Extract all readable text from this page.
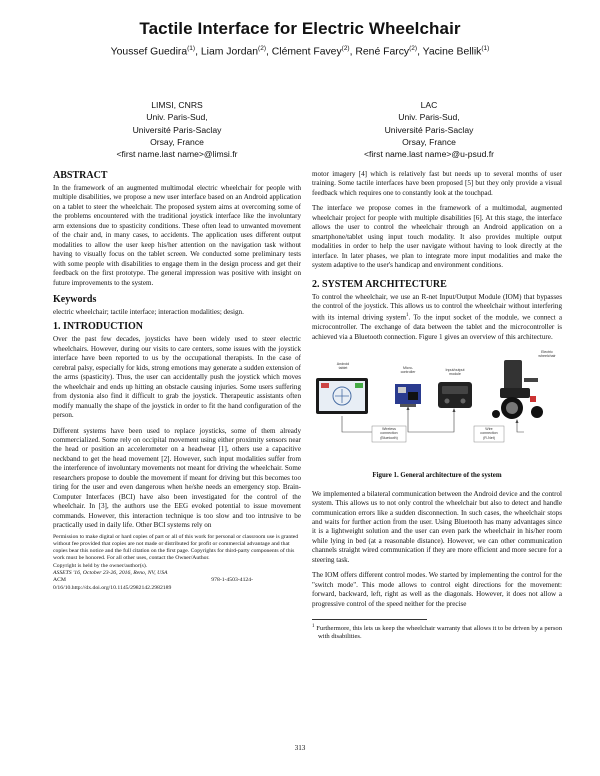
Tactile Interface for Electric Wheelchair
Youssef Guedira$^{(1)}$, Liam Jordan$^{(2)}$, Clément Favey$^{(2)}$, René Farcy$^{(2)}$, Yacine Bellik$^{(1)}$
LIMSI, CNRS
Univ. Paris-Sud,
Université Paris-Saclay
Orsay, France
<first name.last name>@limsi.fr
LAC
Univ. Paris-Sud,
Université Paris-Saclay
Orsay, France
<first name.last name>@u-psud.fr
ABSTRACT

In the framework of an augmented multimodal electric wheelchair for people with multiple disabilities, we propose a new user interface based on an Android application on a tablet to steer the wheelchair. The proposed system aims at overcoming some of the problems encountered with the traditional joystick interface like the involuntary arm extensions due to spasticity conditions. These often lead to unwanted movement of the chair and, in many cases, to accidents. The application uses different output modalities to allow the user keep his/her attention on the navigation task without having to visually focus on the tablet screen. We conducted some preliminary tests with some people with disabilities to engage them in the design process and get their feedback on the first prototype. The general impression was positive with insight on future improvements to the system.

Keywords

electric wheelchair; tactile interface; interaction modalities; design.

1. INTRODUCTION

Over the past few decades, joysticks have been widely used to steer electric wheelchairs. However, during our visits to care centers, some issues with the joystick interface have been reported to us by the occupational therapists. In the case of cerebral palsy, especially for kids, strong emotions may generate a sudden extension of the arms (spasticity). Thus, the user can accidentally push the joystick which moves the wheelchair and ends up hitting an obstacle causing injuries. Some users suffering from dystonia also find it difficult to grab the joystick. Therapeutic assistants often modify manually the shape of the joystick in order to fit the hand configuration of the person.

Different systems have been used to replace joysticks, some of them already commercialized. Some rely on occipital movement using either proximity sensors near the head or position an accelerometer on a headwear [1], others use a capacitive neckband to get the head movement [2]. However, such input modalities suffer from the interference of involuntary movements not meant for driving the wheelchair. Some researchers propose to double the movement if meant for driving but this becomes too tiring for the user and even dangerous when he/she needs an emergency stop. Brain-Computer Interfaces (BCI) have also been investigated for the control of the wheelchair. In [3], the authors use the EEG evoked potential to issue movement commands. However, this interaction technique is too slow and too intrusive to be practically used in daily life. Other BCI systems rely on

Permission to make digital or hard copies of part or all of this work for personal or classroom use is granted without fee provided that copies are not made or distributed for profit or commercial advantage and that copies bear this notice and the full citation on the first page. Copyrights for third-party components of this work must be honored. For all other uses, contact the Owner/Author.

Copyright is held by the owner/author(s).

ASSETS '16, October 23-26, 2016, Reno, NV, USA

ACM	978-1-4503-4124-

0/16/10.http://dx.doi.org/10.1145/2982142.2982189

motor imagery [4] which is relatively fast but needs up to several months of user training. Some tactile interfaces have been proposed [5] but they only provide a visual feedback which requires one to constantly look at the touchpad.

The interface we propose comes in the framework of a multimodal, augmented wheelchair project for people with multiple disabilities [6]. At this stage, the interface allows the user to control the wheelchair through an Android application on a smartphone/tablet using input touch modality. It also provides multiple output modalities in order to help the user navigate without having to look directly at the interface. In later phases, we plan to integrate more input modalities and make the system adaptive to the user's handicap and environment conditions.

2. SYSTEM ARCHITECTURE

To control the wheelchair, we use an R-net Input/Output Module (IOM) that bypasses the control of the joystick. This allows us to control the wheelchair without interfering with its internal driving system$^1$. To the input socket of the module, we connect a microcontroller. The exchange of data between the tablet and the microcontroller is achieved via a Bluetooth connection. Figure 1 gives an overview of this architecture.

Android
tablet	Micro-
controller
Input/output
module
Electric
wheelchair
Wireless
connection
(Bluetooth)
Wire
connection
(R-Net)
Figure 1. General architecture of the system

We implemented a bilateral communication between the Android device and the control system. This allows us to not only control the wheelchair but also to detect and handle communication errors like a sudden disconnection. In such cases, the wheelchair stops and waits for further action from the user. Using Bluetooth has many advantages since it is a lightweight solution and the user can even park the wheelchair in his/her room while lying in bed (at a reasonable distance). However, we can other communication channels straight wired communication if they are more efficient and more secure for a steering task.

The IOM offers different control modes. We started by implementing the control for the "switch mode". This mode allows to control eight directions for the movement: forward, backward, left, right as well as the diagonals. However, it does not allow a progressive control of the speed neither for the precise

$^1$ Furthermore, this lets us keep the wheelchair warranty that allows it to be driven by a person with disabilities.
313
